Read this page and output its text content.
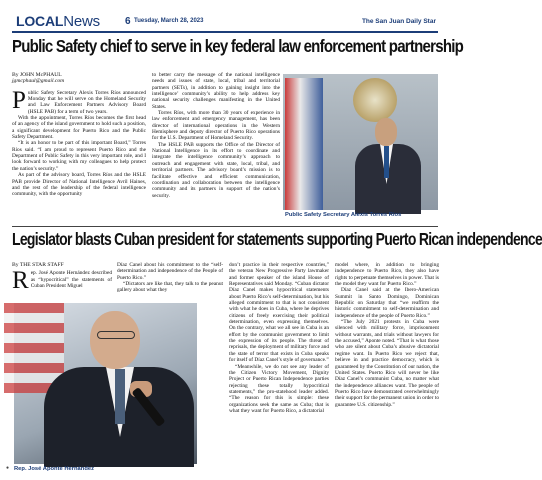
LOCALNews	6 Tuesday, March 28, 2023	The San Juan Daily Star
Public Safety chief to serve in key federal law enforcement partnership
By JOHN McPHAUL
jgmcphaul@gmail.com

Public Safety Secretary Alexis Torres Ríos announced Monday that he will serve on the Homeland Security and Law Enforcement Partners Advisory Board (HSLE PAB) for a term of two years.

With the appointment, Torres Ríos becomes the first head of an agency of the island government to hold such a position, a significant development for Puerto Rico and the Public Safety Department.

“It is an honor to be part of this important Board,” Torres Ríos said. “I am proud to represent Puerto Rico and the Department of Public Safety in this very important role, and I look forward to working with my colleagues to help protect the nation’s security.”

As part of the advisory board, Torres Ríos and the HSLE PAB provide Director of National Intelligence Avril Haines, and the rest of the leadership of the federal intelligence community, with the opportunity

to better carry the message of the national intelligence needs and issues of state, local, tribal and territorial partners (SETs), in addition to gaining insight into the intelligence’ community’s ability to help address key national security challenges manifesting in the United States.

Torres Ríos, with more than 30 years of experience in law enforcement and emergency management, has been director of international operations in the Western Hemisphere and deputy director of Puerto Rico operations for the U.S. Department of Homeland Security.

The HSLE PAB supports the Office of the Director of National Intelligence in its effort to coordinate and integrate the intelligence community’s approach to outreach and engagement with state, local, tribal, and territorial partners. The advisory board’s mission is to facilitate effective and efficient communication, coordination and collaboration between the intelligence community and its partners in support of the nation’s security.

Public Safety Secretary Alexis Torres Ríos
Legislator blasts Cuban president for statements supporting Puerto Rican independence
By THE STAR STAFF

Rep. José Aponte Hernández described as “hypocritical” the statements of Cuban President Miguel

Díaz Canel about his commitment to the “self-determination and independence of the People of Puerto Rico.”

“Dictators are like that, they talk to the peanut gallery about what they

● Rep. José Aponte Hernández

don’t practice in their respective countries,” the veteran New Progressive Party lawmaker and former speaker of the island House of Representatives said Monday. “Cuban dictator Díaz Canel makes hypocritical statements about Puerto Rico’s self-determination, but his alleged commitment to that is not consistent with what he does in Cuba, where he deprives citizens of freely exercising their political determination, even expressing themselves. On the contrary, what we all see in Cuba is an effort by the communist government to limit the expression of its people. The threat of reprisals, the deployment of military force and the state of terror that exists in Cuba speaks for itself of Díaz Canel’s style of governance.”

“Meanwhile, we do not see any leader of the Citizen Victory Movement, Dignity Project or Puerto Rican Independence parties rejecting these totally hypocritical statements,” the pro-statehood leader added. “The reason for this is simple: these organizations seek the same as Cuba; that is what they want for Puerto Rico, a dictatorial

model where, in addition to bringing independence to Puerto Rico, they also have rights to perpetuate themselves in power. That is the model they want for Puerto Rico.”

Díaz Canel said at the Ibero-American Summit in Santo Domingo, Dominican Republic on Saturday that “we reaffirm the historic commitment to self-determination and independence of the people of Puerto Rico.”

“The July 2021 protests in Cuba were silenced with military force, imprisonment without warrants, and trials without lawyers for the accused,” Aponte noted. “That is what those who are silent about Cuba’s abusive dictatorial regime want. In Puerto Rico we reject that, believe in and practice democracy, which is guaranteed by the Constitution of our nation, the United States. Puerto Rico will never be like Díaz Canel’s communist Cuba, no matter what the independence alliances want. The people of Puerto Rico have demonstrated overwhelmingly their support for the permanent union in order to guarantee U.S. citizenship.”
